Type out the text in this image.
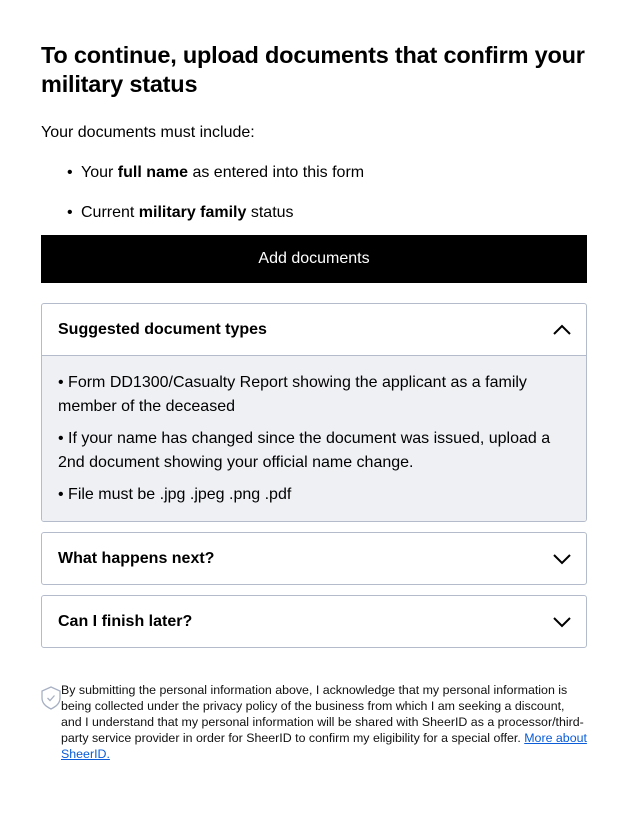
To continue, upload documents that confirm your military status

Your documents must include:

• Your full name as entered into this form
• Current military family status
Add documents
Suggested document types

• Form DD1300/Casualty Report showing the applicant as a family member of the deceased

• If your name has changed since the document was issued, upload a 2nd document showing your official name change.

• File must be .jpg .jpeg .png .pdf

What happens next?
Can I finish later?

By submitting the personal information above, I acknowledge that my personal information is being collected under the privacy policy of the business from which I am seeking a discount, and I understand that my personal information will be shared with SheerID as a processor/third-party service provider in order for SheerID to confirm my eligibility for a special offer. More about SheerID.
